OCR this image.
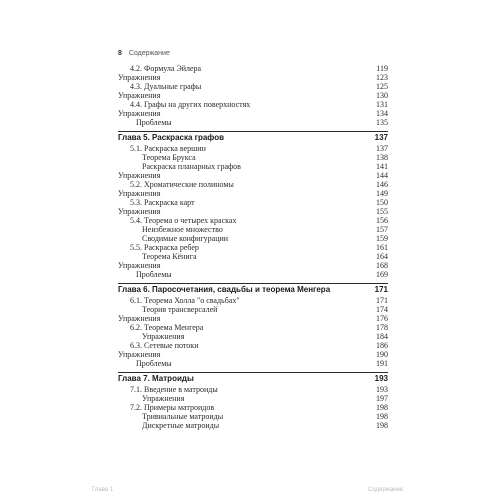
8 Содержание
4.2. Формула Эйлера	119
Упражнения	123
4.3. Дуальные графы	125
Упражнения	130
4.4. Графы на других поверхностях	131
Упражнения	134
Проблемы	135
Глава 5. Раскраска графов	137
5.1. Раскраска вершин	137
Теорема Брукса	138
Раскраска планарных графов	141
Упражнения	144
5.2. Хроматические полиномы	146
Упражнения	149
5.3. Раскраска карт	150
Упражнения	155
5.4. Теорема о четырех красках	156
Неизбежное множество	157
Сводимые конфигурации	159
5.5. Раскраска ребер	161
Теорема Кёнига	164
Упражнения	168
Проблемы	169
Глава 6. Паросочетания, свадьбы и теорема Менгера	171
6.1. Теорема Холла "о свадьбах"	171
Теория трансверсалей	174
Упражнения	176
6.2. Теорема Менгера	178
Упражнения	184
6.3. Сетевые потоки	186
Упражнения	190
Проблемы	191
Глава 7. Матроиды	193
7.1. Введение в матроиды	193
Упражнения	197
7.2. Примеры матроидов	198
Тривиальные матроиды	198
Дискретные матроиды	198
Глава 1	Содержание
